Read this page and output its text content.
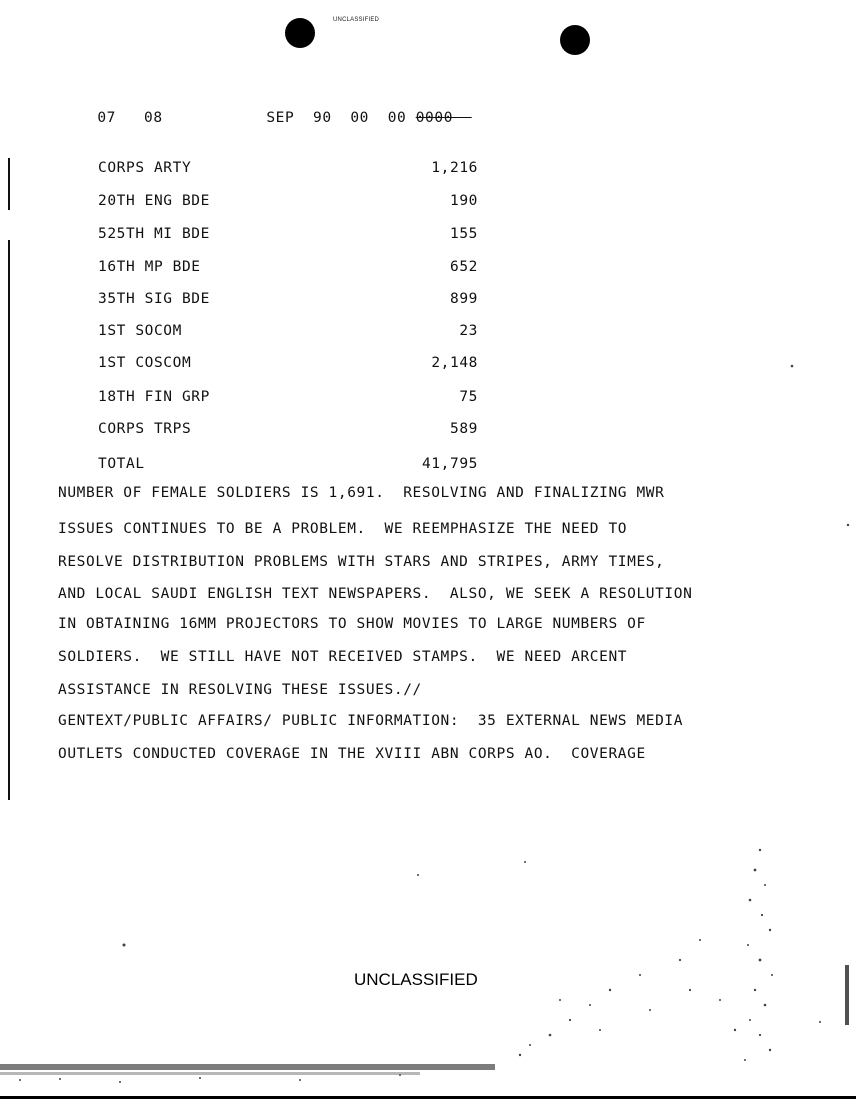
UNCLASSIFIED

07 08
	SEP 90 00 00 0000

CORPS ARTY	1,216
20TH ENG BDE	190
525TH MI BDE	155
16TH MP BDE	652
35TH SIG BDE	899
1ST SOCOM	23
1ST COSCOM	2,148
18TH FIN GRP	75
CORPS TRPS	589
TOTAL	41,795
NUMBER OF FEMALE SOLDIERS IS 1,691.  RESOLVING AND FINALIZING MWR
ISSUES CONTINUES TO BE A PROBLEM.  WE REEMPHASIZE THE NEED TO
RESOLVE DISTRIBUTION PROBLEMS WITH STARS AND STRIPES, ARMY TIMES,
AND LOCAL SAUDI ENGLISH TEXT NEWSPAPERS.  ALSO, WE SEEK A RESOLUTION
IN OBTAINING 16MM PROJECTORS TO SHOW MOVIES TO LARGE NUMBERS OF
SOLDIERS.  WE STILL HAVE NOT RECEIVED STAMPS.  WE NEED ARCENT
ASSISTANCE IN RESOLVING THESE ISSUES.//
GENTEXT/PUBLIC AFFAIRS/ PUBLIC INFORMATION:  35 EXTERNAL NEWS MEDIA
OUTLETS CONDUCTED COVERAGE IN THE XVIII ABN CORPS AO.  COVERAGE
UNCLASSIFIED
